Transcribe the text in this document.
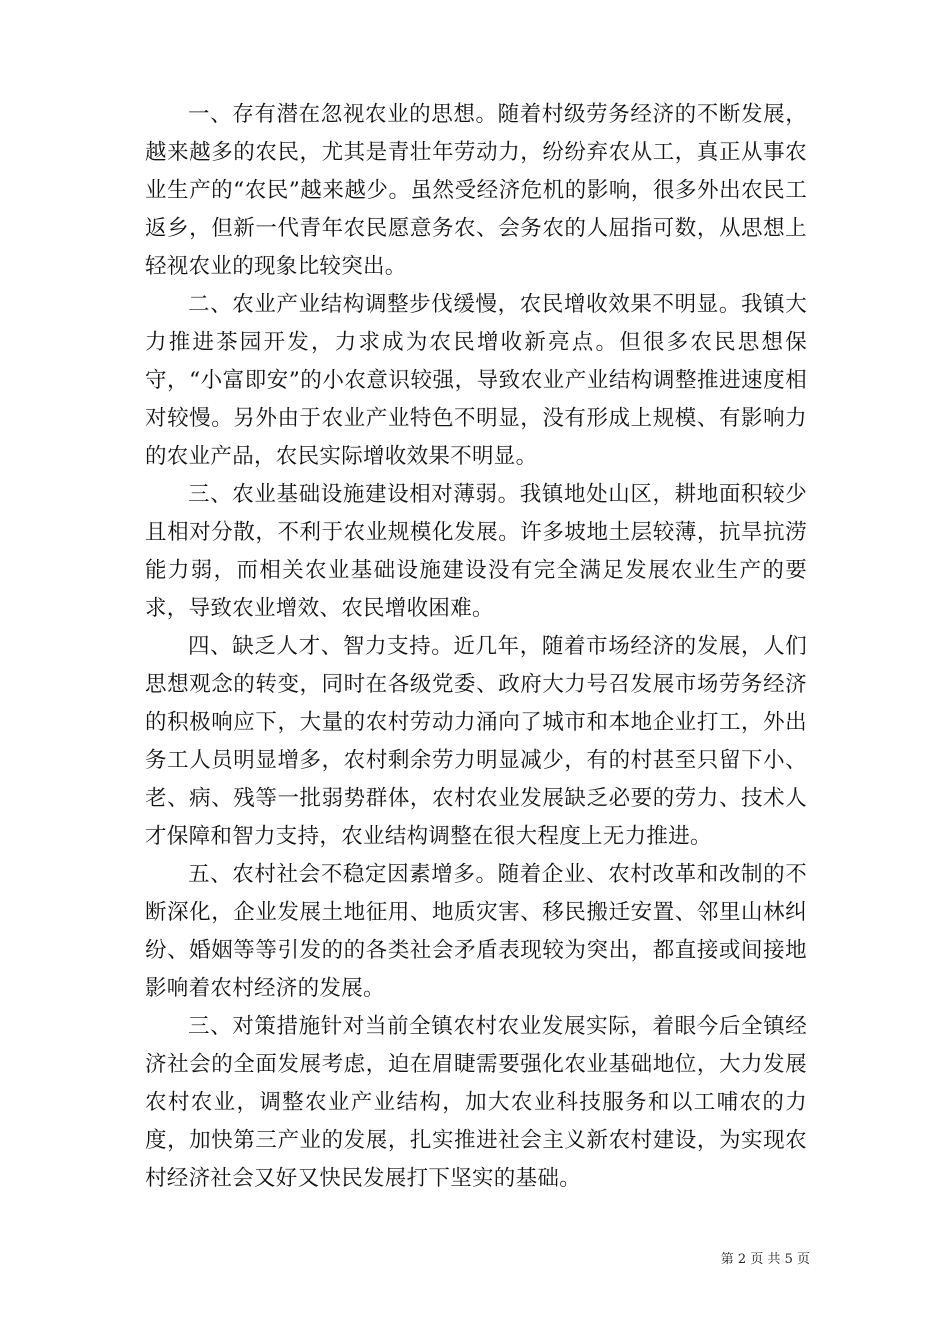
一、存有潜在忽视农业的思想。随着村级劳务经济的不断发展，越来越多的农民，尤其是青壮年劳动力，纷纷弃农从工，真正从事农业生产的“农民”越来越少。虽然受经济危机的影响，很多外出农民工返乡，但新一代青年农民愿意务农、会务农的人屈指可数，从思想上轻视农业的现象比较突出。

二、农业产业结构调整步伐缓慢，农民增收效果不明显。我镇大力推进茶园开发，力求成为农民增收新亮点。但很多农民思想保守，“小富即安”的小农意识较强，导致农业产业结构调整推进速度相对较慢。另外由于农业产业特色不明显，没有形成上规模、有影响力的农业产品，农民实际增收效果不明显。

三、农业基础设施建设相对薄弱。我镇地处山区，耕地面积较少且相对分散，不利于农业规模化发展。许多坡地土层较薄，抗旱抗涝能力弱，而相关农业基础设施建设没有完全满足发展农业生产的要求，导致农业增效、农民增收困难。

四、缺乏人才、智力支持。近几年，随着市场经济的发展，人们思想观念的转变，同时在各级党委、政府大力号召发展市场劳务经济的积极响应下，大量的农村劳动力涌向了城市和本地企业打工，外出务工人员明显增多，农村剩余劳力明显减少，有的村甚至只留下小、老、病、残等一批弱势群体，农村农业发展缺乏必要的劳力、技术人才保障和智力支持，农业结构调整在很大程度上无力推进。

五、农村社会不稳定因素增多。随着企业、农村改革和改制的不断深化，企业发展土地征用、地质灾害、移民搬迁安置、邻里山林纠纷、婚姻等等引发的的各类社会矛盾表现较为突出，都直接或间接地影响着农村经济的发展。

三、对策措施针对当前全镇农村农业发展实际，着眼今后全镇经济社会的全面发展考虑，迫在眉睫需要强化农业基础地位，大力发展农村农业，调整农业产业结构，加大农业科技服务和以工哺农的力度，加快第三产业的发展，扎实推进社会主义新农村建设，为实现农村经济社会又好又快民发展打下坚实的基础。

第 2 页 共 5 页
